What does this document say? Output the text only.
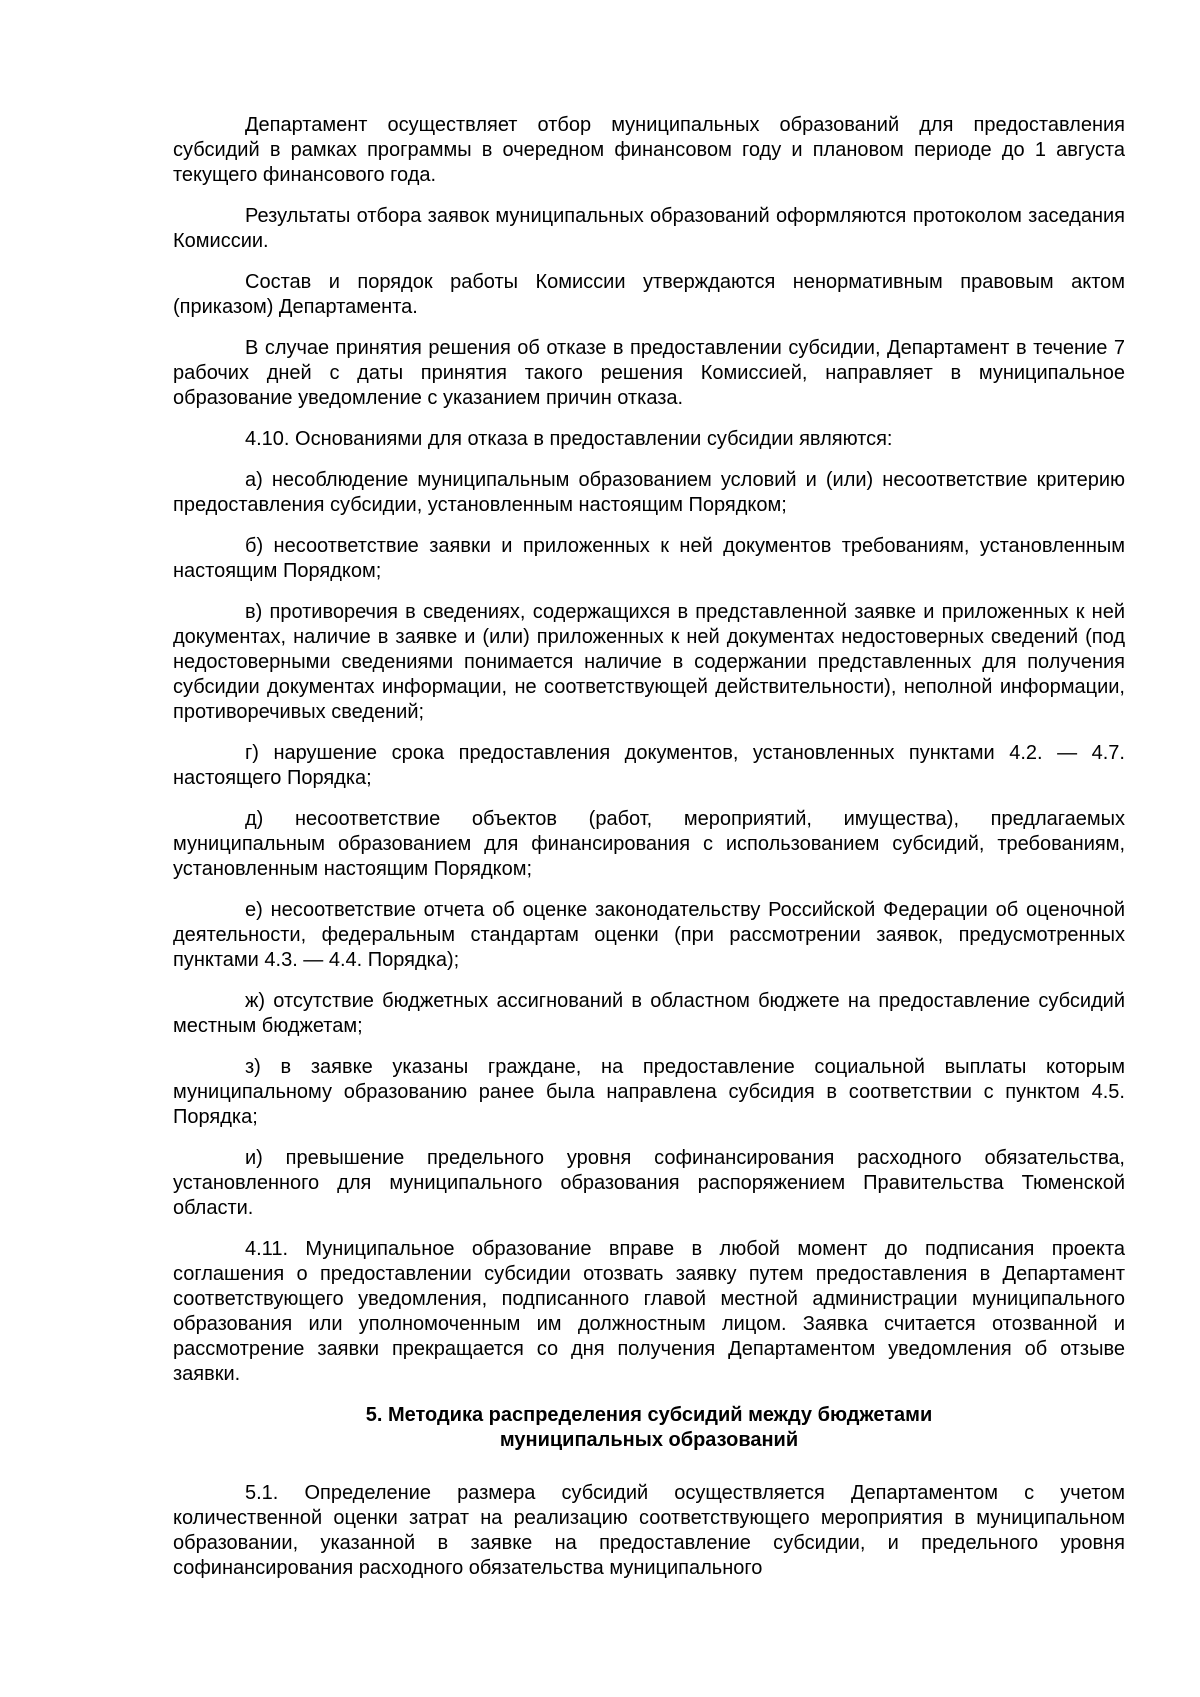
Департамент осуществляет отбор муниципальных образований для предоставления субсидий в рамках программы в очередном финансовом году и плановом периоде до 1 августа текущего финансового года.

Результаты отбора заявок муниципальных образований оформляются протоколом заседания Комиссии.

Состав и порядок работы Комиссии утверждаются ненормативным правовым актом (приказом) Департамента.

В случае принятия решения об отказе в предоставлении субсидии, Департамент в течение 7 рабочих дней с даты принятия такого решения Комиссией, направляет в муниципальное образование уведомление с указанием причин отказа.

4.10. Основаниями для отказа в предоставлении субсидии являются:

а) несоблюдение муниципальным образованием условий и (или) несоответствие критерию предоставления субсидии, установленным настоящим Порядком;

б) несоответствие заявки и приложенных к ней документов требованиям, установленным настоящим Порядком;

в) противоречия в сведениях, содержащихся в представленной заявке и приложенных к ней документах, наличие в заявке и (или) приложенных к ней документах недостоверных сведений (под недостоверными сведениями понимается наличие в содержании представленных для получения субсидии документах информации, не соответствующей действительности), неполной информации, противоречивых сведений;

г) нарушение срока предоставления документов, установленных пунктами 4.2. — 4.7. настоящего Порядка;

д) несоответствие объектов (работ, мероприятий, имущества), предлагаемых муниципальным образованием для финансирования с использованием субсидий, требованиям, установленным настоящим Порядком;

е) несоответствие отчета об оценке законодательству Российской Федерации об оценочной деятельности, федеральным стандартам оценки (при рассмотрении заявок, предусмотренных пунктами 4.3. — 4.4. Порядка);

ж) отсутствие бюджетных ассигнований в областном бюджете на предоставление субсидий местным бюджетам;

з) в заявке указаны граждане, на предоставление социальной выплаты которым муниципальному образованию ранее была направлена субсидия в соответствии с пунктом 4.5. Порядка;

и) превышение предельного уровня софинансирования расходного обязательства, установленного для муниципального образования распоряжением Правительства Тюменской области.

4.11. Муниципальное образование вправе в любой момент до подписания проекта соглашения о предоставлении субсидии отозвать заявку путем предоставления в Департамент соответствующего уведомления, подписанного главой местной администрации муниципального образования или уполномоченным им должностным лицом. Заявка считается отозванной и рассмотрение заявки прекращается со дня получения Департаментом уведомления об отзыве заявки.

5. Методика распределения субсидий между бюджетами
муниципальных образований

5.1. Определение размера субсидий осуществляется Департаментом с учетом количественной оценки затрат на реализацию соответствующего мероприятия в муниципальном образовании, указанной в заявке на предоставление субсидии, и предельного уровня софинансирования расходного обязательства муниципального
